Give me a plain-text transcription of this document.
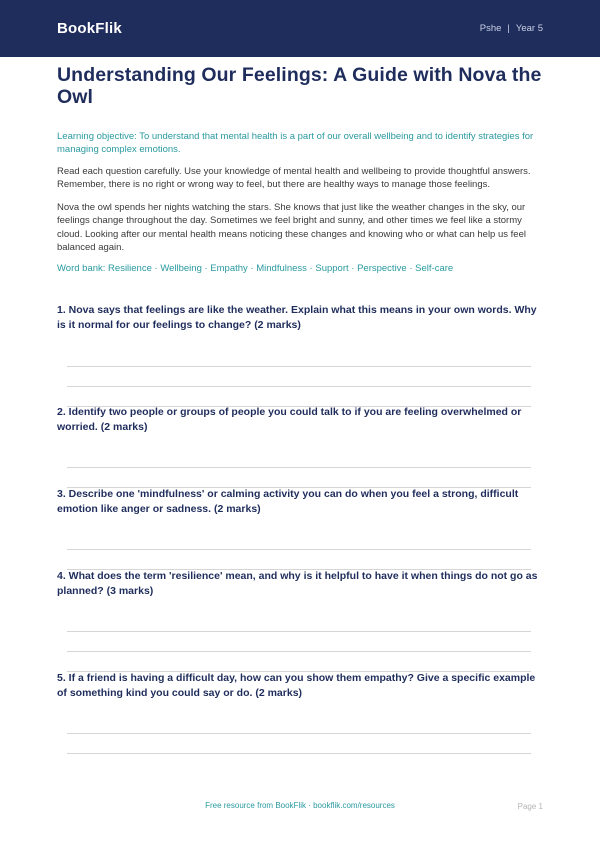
BookFlik	Pshe | Year 5
Understanding Our Feelings: A Guide with Nova the Owl
Learning objective: To understand that mental health is a part of our overall wellbeing and to identify strategies for managing complex emotions.
Read each question carefully. Use your knowledge of mental health and wellbeing to provide thoughtful answers. Remember, there is no right or wrong way to feel, but there are healthy ways to manage those feelings.
Nova the owl spends her nights watching the stars. She knows that just like the weather changes in the sky, our feelings change throughout the day. Sometimes we feel bright and sunny, and other times we feel like a stormy cloud. Looking after our mental health means noticing these changes and knowing who or what can help us feel balanced again.
Word bank: Resilience · Wellbeing · Empathy · Mindfulness · Support · Perspective · Self-care
1. Nova says that feelings are like the weather. Explain what this means in your own words. Why is it normal for our feelings to change? (2 marks)
2. Identify two people or groups of people you could talk to if you are feeling overwhelmed or worried. (2 marks)
3. Describe one 'mindfulness' or calming activity you can do when you feel a strong, difficult emotion like anger or sadness. (2 marks)
4. What does the term 'resilience' mean, and why is it helpful to have it when things do not go as planned? (3 marks)
5. If a friend is having a difficult day, how can you show them empathy? Give a specific example of something kind you could say or do. (2 marks)
Free resource from BookFlik · bookflik.com/resources	Page 1
